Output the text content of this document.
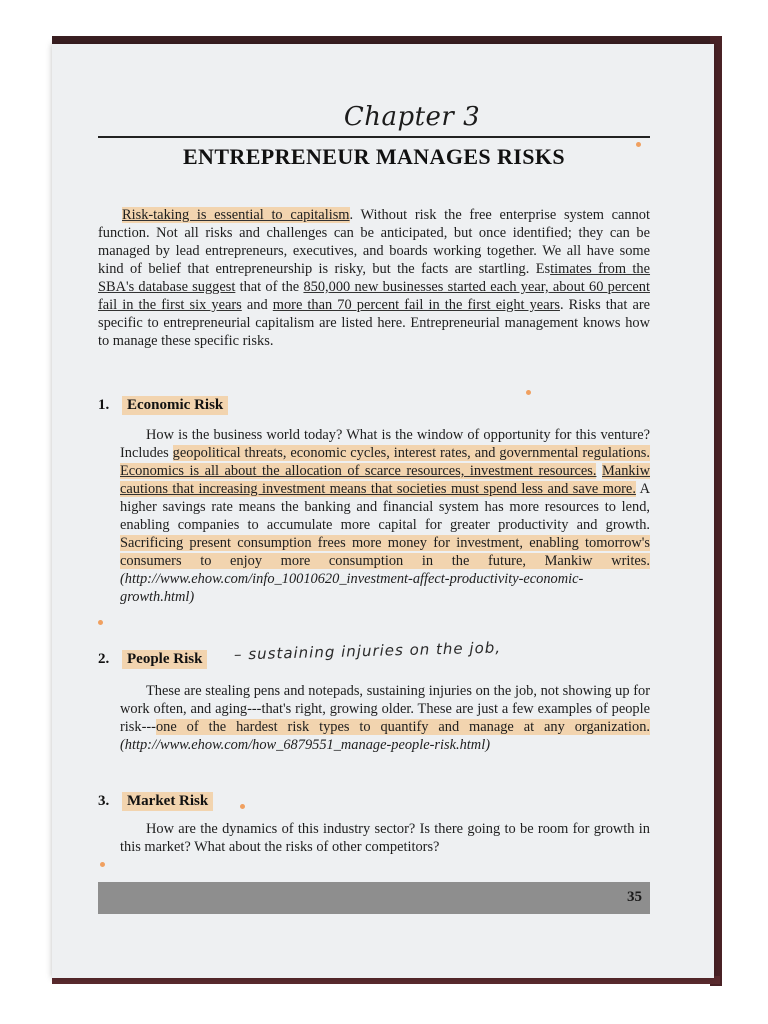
Chapter 3
ENTREPRENEUR MANAGES RISKS
Risk-taking is essential to capitalism. Without risk the free enterprise system cannot function. Not all risks and challenges can be anticipated, but once identified; they can be managed by lead entrepreneurs, executives, and boards working together. We all have some kind of belief that entrepreneurship is risky, but the facts are startling. Estimates from the SBA's database suggest that of the 850,000 new businesses started each year, about 60 percent fail in the first six years and more than 70 percent fail in the first eight years. Risks that are specific to entrepreneurial capitalism are listed here. Entrepreneurial management knows how to manage these specific risks.
1.	Economic Risk
How is the business world today? What is the window of opportunity for this venture? Includes geopolitical threats, economic cycles, interest rates, and governmental regulations. Economics is all about the allocation of scarce resources, investment resources. Mankiw cautions that increasing investment means that societies must spend less and save more. A higher savings rate means the banking and financial system has more resources to lend, enabling companies to accumulate more capital for greater productivity and growth. Sacrificing present consumption frees more money for investment, enabling tomorrow's consumers to enjoy more consumption in the future, Mankiw writes.(http://www.ehow.com/info_10010620_investment-affect-productivity-economic-growth.html)
2.	People Risk	– sustaining injuries on the job,
These are stealing pens and notepads, sustaining injuries on the job, not showing up for work often, and aging---that's right, growing older. These are just a few examples of people risk---one of the hardest risk types to quantify and manage at any organization. (http://www.ehow.com/how_6879551_manage-people-risk.html)
3.	Market Risk
How are the dynamics of this industry sector? Is there going to be room for growth in this market? What about the risks of other competitors?
35
